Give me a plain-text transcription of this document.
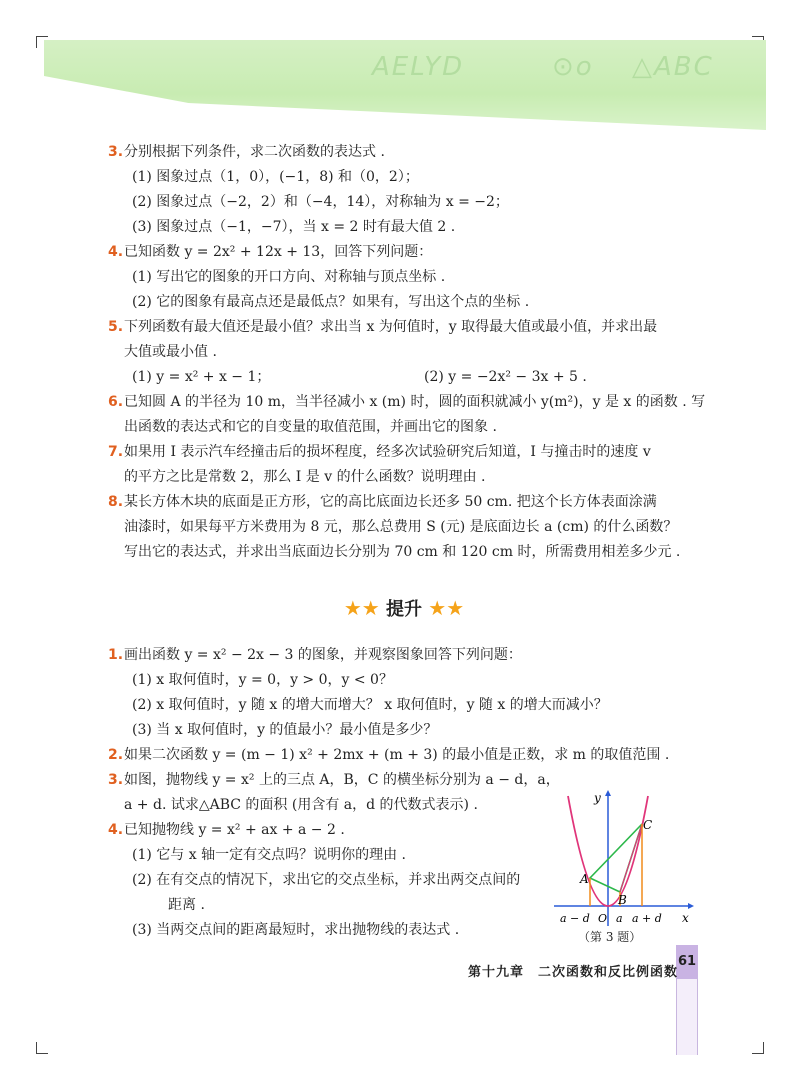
AELYD	⊙o △ABC
61
3.分别根据下列条件，求二次函数的表达式 .
(1) 图象过点（1，0），(−1，8) 和（0，2）；
(2) 图象过点（−2，2）和（−4，14），对称轴为 x = −2；
(3) 图象过点（−1，−7），当 x = 2 时有最大值 2 .
4.已知函数 y = 2x² + 12x + 13，回答下列问题：
(1) 写出它的图象的开口方向、对称轴与顶点坐标 .
(2) 它的图象有最高点还是最低点？如果有，写出这个点的坐标 .
5.下列函数有最大值还是最小值？求出当 x 为何值时，y 取得最大值或最小值，并求出最
大值或最小值 .
(1) y = x² + x − 1；	(2) y = −2x² − 3x + 5 .
6.已知圆 A 的半径为 10 m，当半径减小 x (m) 时，圆的面积就减小 y(m²)，y 是 x 的函数 . 写
出函数的表达式和它的自变量的取值范围，并画出它的图象 .
7.如果用 I 表示汽车经撞击后的损坏程度，经多次试验研究后知道，I 与撞击时的速度 v
的平方之比是常数 2，那么 I 是 v 的什么函数？说明理由 .
8.某长方体木块的底面是正方形，它的高比底面边长还多 50 cm. 把这个长方体表面涂满
油漆时，如果每平方米费用为 8 元，那么总费用 S (元) 是底面边长 a (cm) 的什么函数？
写出它的表达式，并求出当底面边长分别为 70 cm 和 120 cm 时，所需费用相差多少元 .
★★ 提升 ★★
1.画出函数 y = x² − 2x − 3 的图象，并观察图象回答下列问题：
(1) x 取何值时，y = 0，y > 0，y < 0？
(2) x 取何值时，y 随 x 的增大而增大？ x 取何值时，y 随 x 的增大而减小？
(3) 当 x 取何值时，y 的值最小？最小值是多少？
2.如果二次函数 y = (m − 1) x² + 2mx + (m + 3) 的最小值是正数，求 m 的取值范围 .
3.如图，抛物线 y = x² 上的三点 A，B，C 的横坐标分别为 a − d，a，
a + d. 试求△ABC 的面积 (用含有 a，d 的代数式表示) .
4.已知抛物线 y = x² + ax + a − 2 .
(1) 它与 x 轴一定有交点吗？说明你的理由 .
(2) 在有交点的情况下，求出它的交点坐标，并求出两交点间的
距离 .
(3) 当两交点间的距离最短时，求出抛物线的表达式 .
A
B
C
y
x
a − d O a a + d
（第 3 题）
第十九章　二次函数和反比例函数
